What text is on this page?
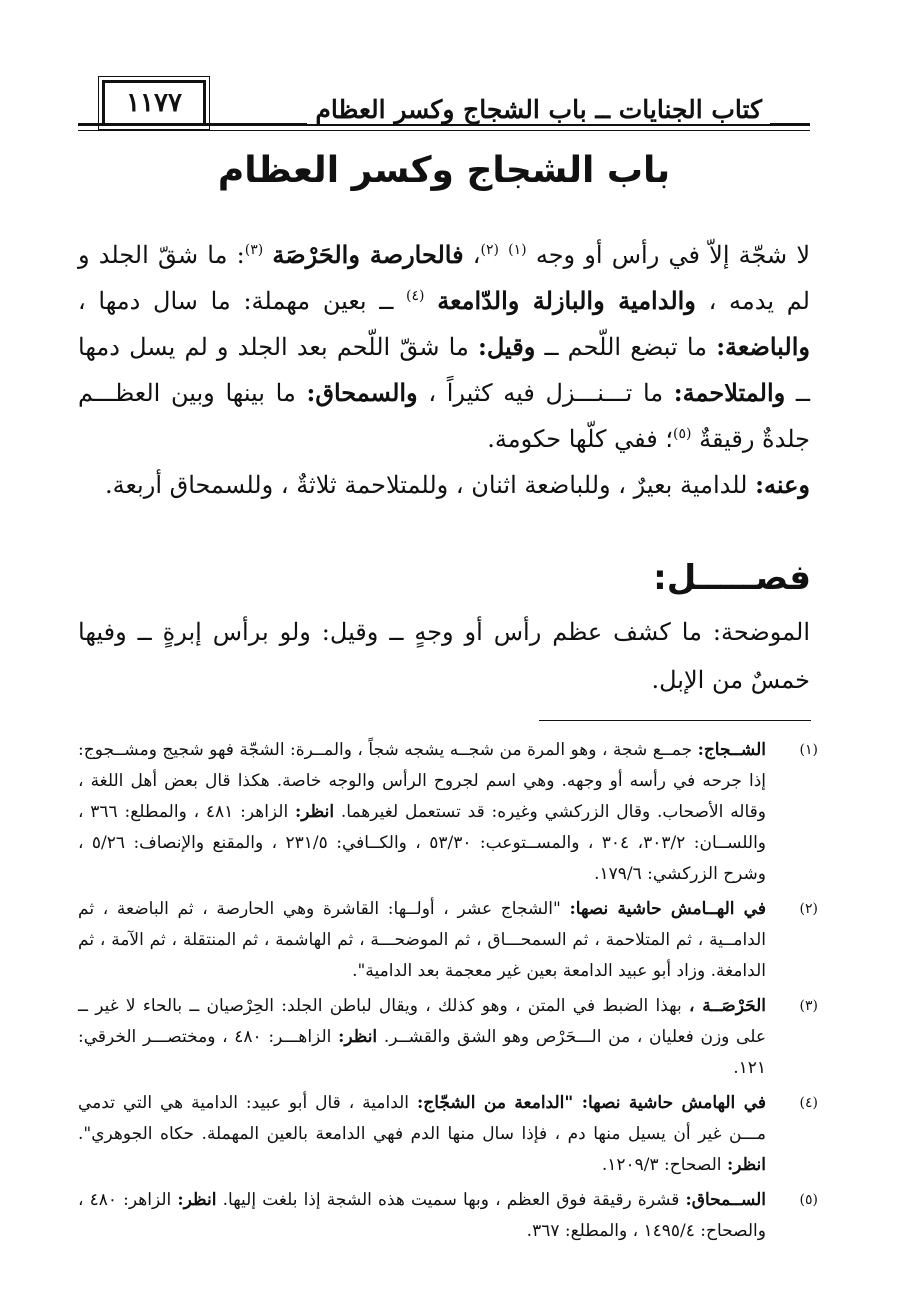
١١٧٧	كتاب الجنايات ــ باب الشجاج وكسر العظام
باب الشجاج وكسر العظام

لا شجّة إلاّ في رأس أو وجه $^{(١)}$ $^{(٢)}$، فالحارصة والحَرْصَة $^{(٣)}$: ما شقّ الجلد و لم يدمه ، والدامية والبازلة والدّامعة $^{(٤)}$ ــ بعين مهملة: ما سال دمها ، والباضعة: ما تبضع اللّحم ــ وقيل: ما شقّ اللّحم بعد الجلد و لم يسل دمها ــ والمتلاحمة: ما تـــنـــزل فيه كثيراً ، والسمحاق: ما بينها وبين العظـــم جلدةٌ رقيقةٌ $^{(٥)}$؛ ففي كلّها حكومة.

وعنه: للدامية بعيرٌ ، وللباضعة اثنان ، وللمتلاحمة ثلاثةٌ ، وللسمحاق أربعة.

فصـــــل:

الموضحة: ما كشف عظم رأس أو وجهٍ ــ وقيل: ولو برأس إبرةٍ ــ وفيها خمسٌ من الإبل.

(١)
الشــجاج: جمــع شجة ، وهو المرة من شجــه يشجه شجاً ، والمــرة: الشجّة فهو شجيج ومشــجوج: إذا جرحه في رأسه أو وجهه. وهي اسم لجروح الرأس والوجه خاصة. هكذا قال بعض أهل اللغة ، وقاله الأصحاب. وقال الزركشي وغيره: قد تستعمل لغيرهما. انظر: الزاهر: ٤٨١ ، والمطلع: ٣٦٦ ، واللســان: ٣٠٣/٢، ٣٠٤ ، والمســتوعب: ٥٣/٣٠ ، والكــافي: ٢٣١/٥ ، والمقنع والإنصاف: ٥/٢٦ ، وشرح الزركشي: ١٧٩/٦.
(٢)
في الهــامش حاشية نصها: "الشجاج عشر ، أولــها: القاشرة وهي الحارصة ، ثم الباضعة ، ثم الدامــية ، ثم المتلاحمة ، ثم السمحـــاق ، ثم الموضحـــة ، ثم الهاشمة ، ثم المنتقلة ، ثم الآمة ، ثم الدامغة. وزاد أبو عبيد الدامعة بعين غير معجمة بعد الدامية".
(٣)
الحَرْصَــة ، بهذا الضبط في المتن ، وهو كذلك ، ويقال لباطن الجلد: الحِرْصيان ــ بالحاء لا غير ــ على وزن فعليان ، من الـــحَرْص وهو الشق والقشــر. انظر: الزاهـــر: ٤٨٠ ، ومختصـــر الخرقي: ١٢١.
(٤)
في الهامش حاشية نصها: "الدامعة من الشجّاج: الدامية ، قال أبو عبيد: الدامية هي التي تدمي مـــن غير أن يسيل منها دم ، فإذا سال منها الدم فهي الدامعة بالعين المهملة. حكاه الجوهري". انظر: الصحاح: ١٢٠٩/٣.
(٥)
الســمحاق: قشرة رقيقة فوق العظم ، وبها سميت هذه الشجة إذا بلغت إليها. انظر: الزاهر: ٤٨٠ ، والصحاح: ١٤٩٥/٤ ، والمطلع: ٣٦٧.
